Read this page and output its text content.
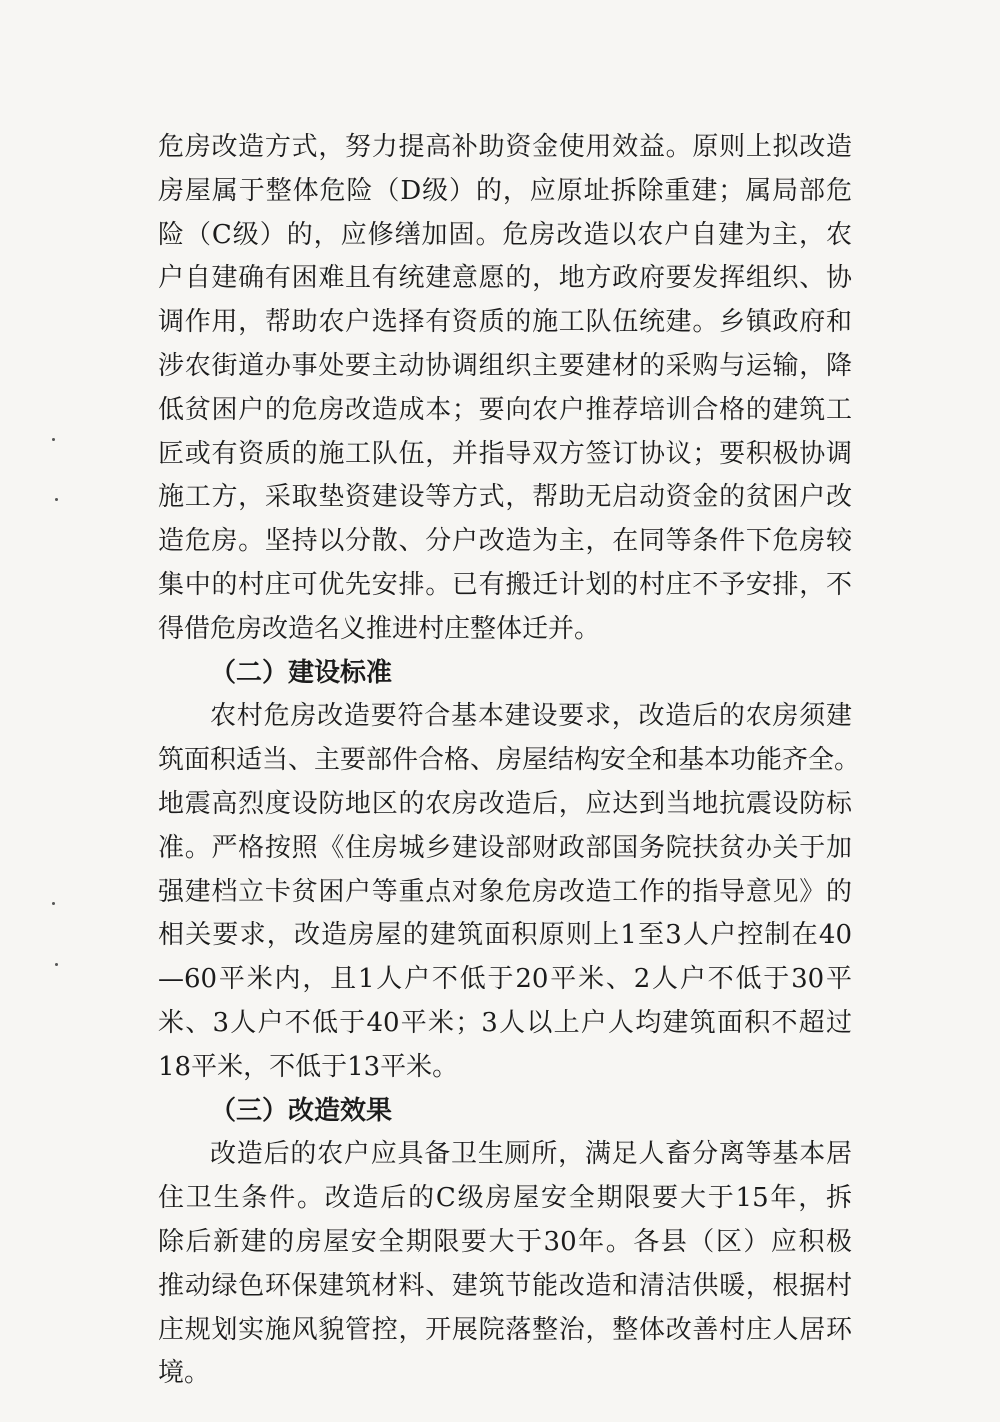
危房改造方式，努力提高补助资金使用效益。原则上拟改造
房屋属于整体危险（D级）的，应原址拆除重建；属局部危
险（C级）的，应修缮加固。危房改造以农户自建为主，农
户自建确有困难且有统建意愿的，地方政府要发挥组织、协
调作用，帮助农户选择有资质的施工队伍统建。乡镇政府和
涉农街道办事处要主动协调组织主要建材的采购与运输，降
低贫困户的危房改造成本；要向农户推荐培训合格的建筑工
匠或有资质的施工队伍，并指导双方签订协议；要积极协调
施工方，采取垫资建设等方式，帮助无启动资金的贫困户改
造危房。坚持以分散、分户改造为主，在同等条件下危房较
集中的村庄可优先安排。已有搬迁计划的村庄不予安排，不
得借危房改造名义推进村庄整体迁并。
（二）建设标准
农村危房改造要符合基本建设要求，改造后的农房须建
筑面积适当、主要部件合格、房屋结构安全和基本功能齐全。
地震高烈度设防地区的农房改造后，应达到当地抗震设防标
准。严格按照《住房城乡建设部财政部国务院扶贫办关于加
强建档立卡贫困户等重点对象危房改造工作的指导意见》的
相关要求，改造房屋的建筑面积原则上1至3人户控制在40
—60平米内，且1人户不低于20平米、2人户不低于30平
米、3人户不低于40平米；3人以上户人均建筑面积不超过
18平米，不低于13平米。
（三）改造效果
改造后的农户应具备卫生厕所，满足人畜分离等基本居
住卫生条件。改造后的C级房屋安全期限要大于15年，拆
除后新建的房屋安全期限要大于30年。各县（区）应积极
推动绿色环保建筑材料、建筑节能改造和清洁供暖，根据村
庄规划实施风貌管控，开展院落整治，整体改善村庄人居环
境。
